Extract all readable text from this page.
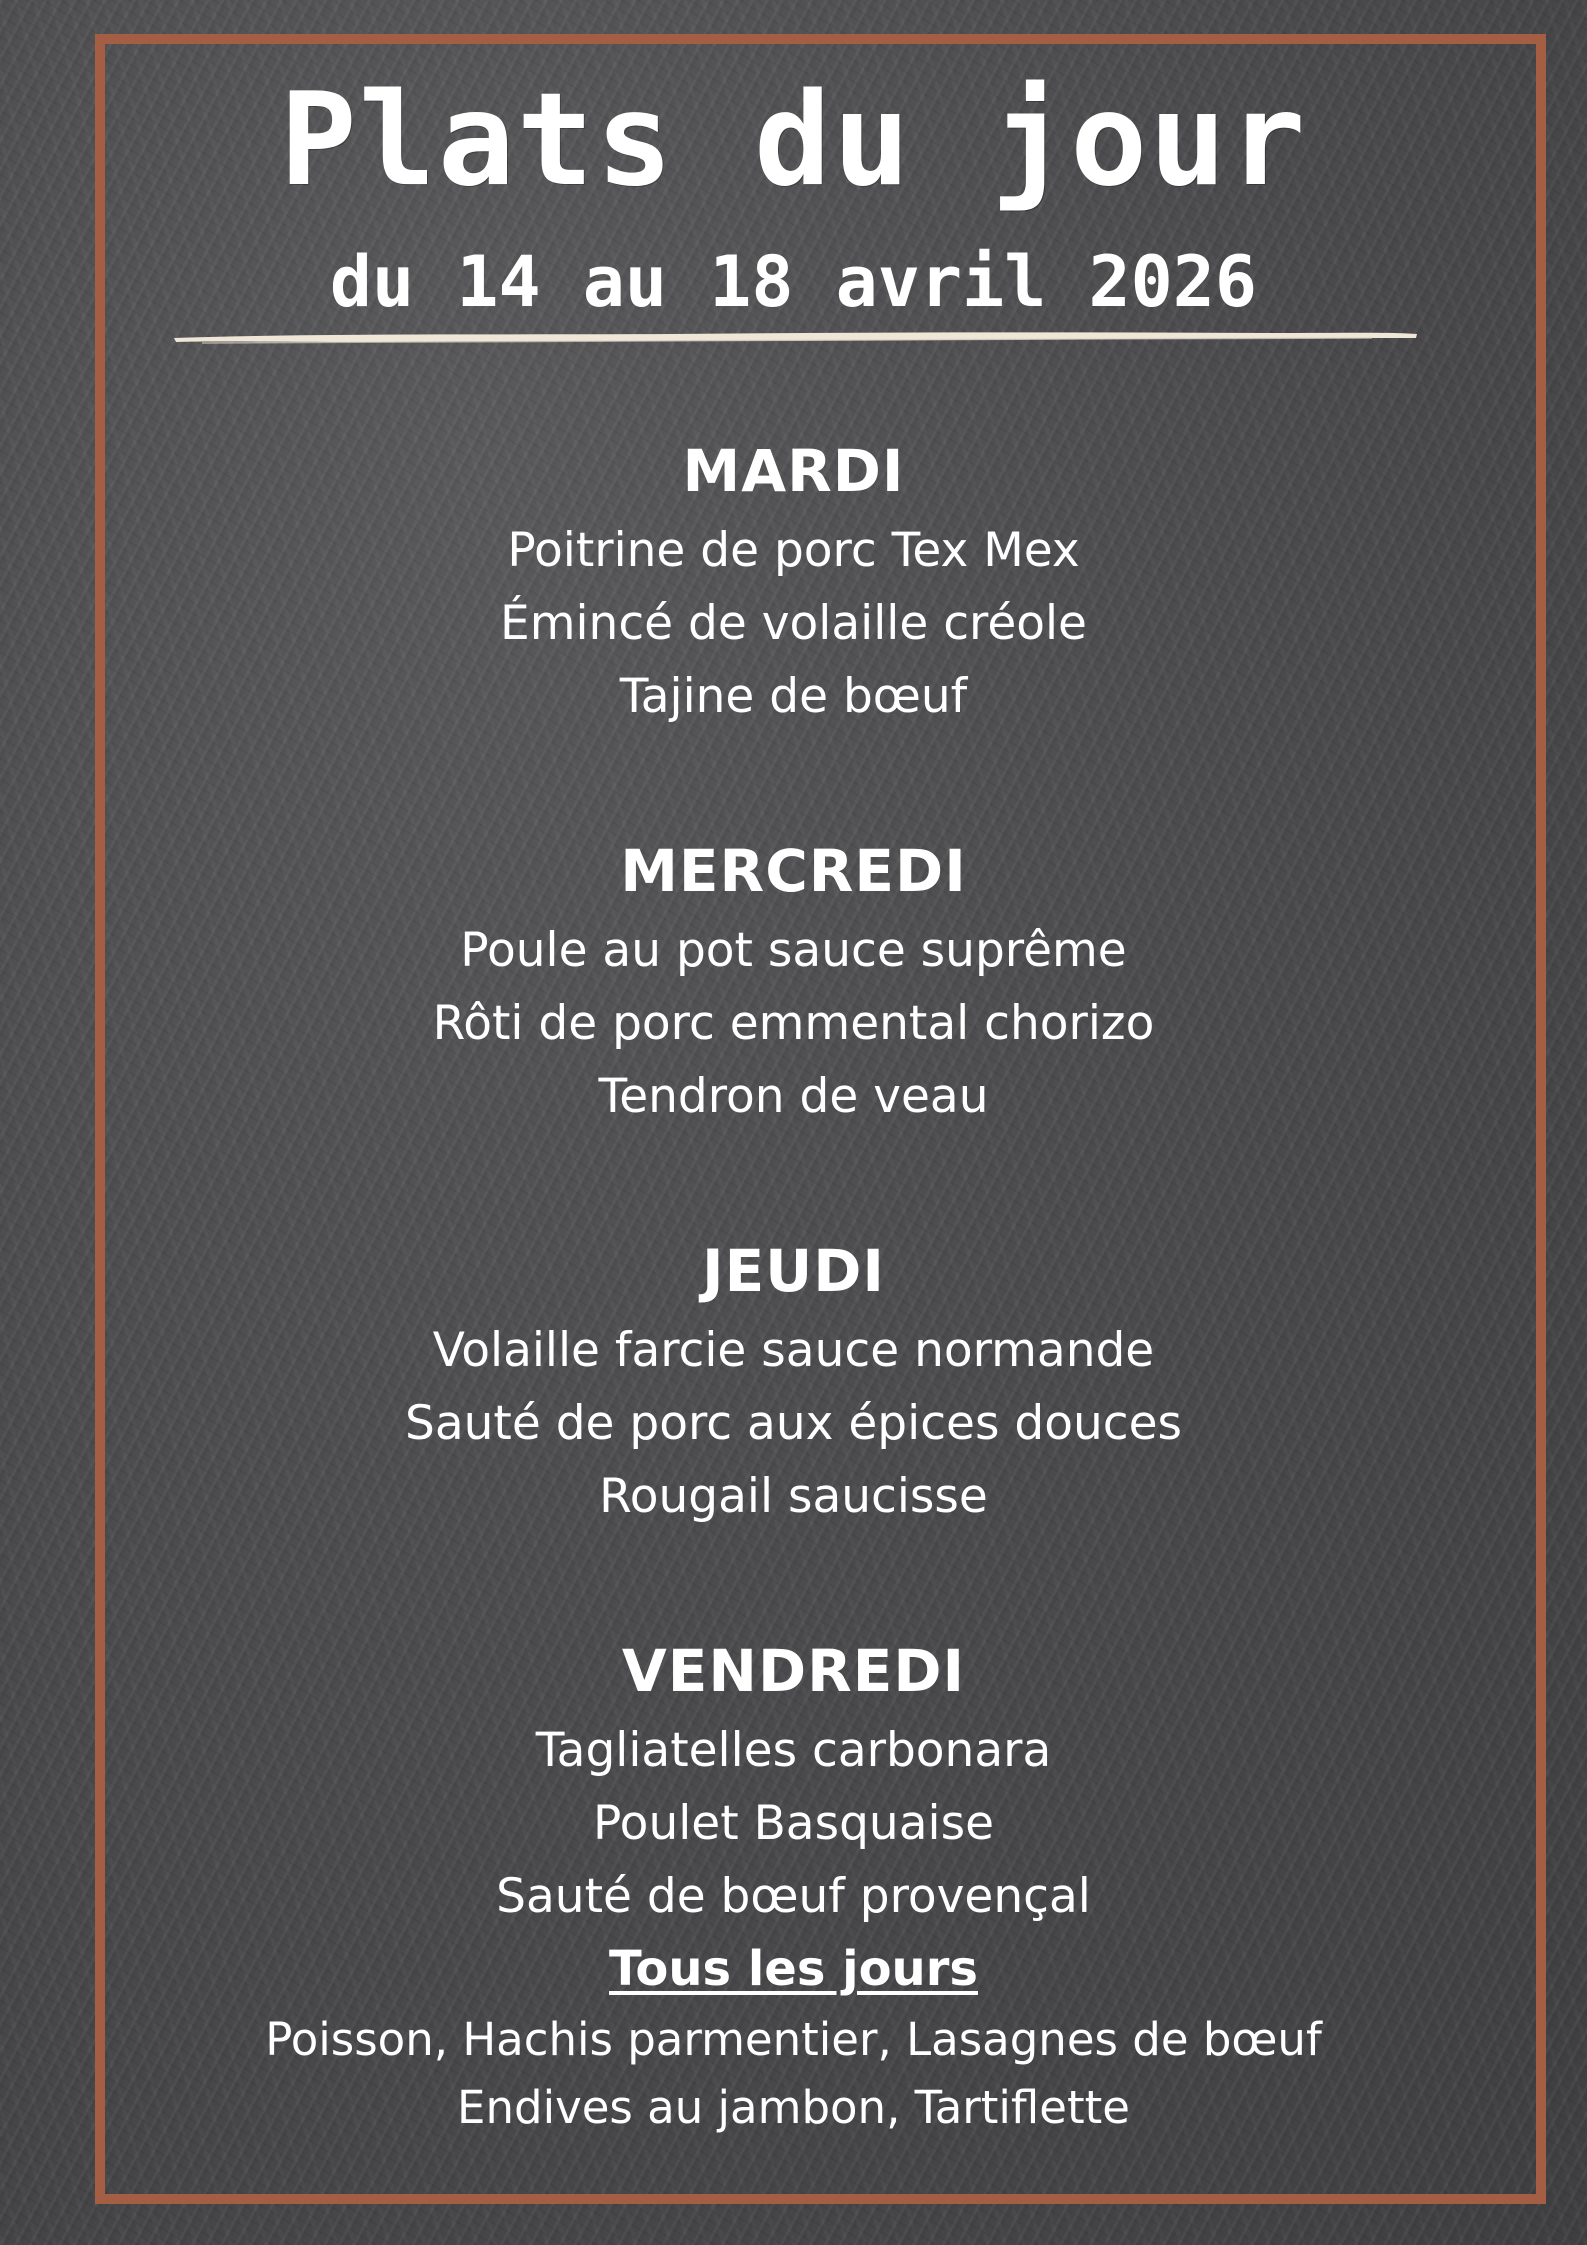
Plats du jour
du 14 au 18 avril 2026
MARDI
Poitrine de porc Tex Mex
Émincé de volaille créole
Tajine de bœuf
MERCREDI
Poule au pot sauce suprême
Rôti de porc emmental chorizo
Tendron de veau
JEUDI
Volaille farcie sauce normande
Sauté de porc aux épices douces
Rougail saucisse
VENDREDI
Tagliatelles carbonara
Poulet Basquaise
Sauté de bœuf provençal
Tous les jours
Poisson, Hachis parmentier, Lasagnes de bœuf
Endives au jambon, Tartiflette
